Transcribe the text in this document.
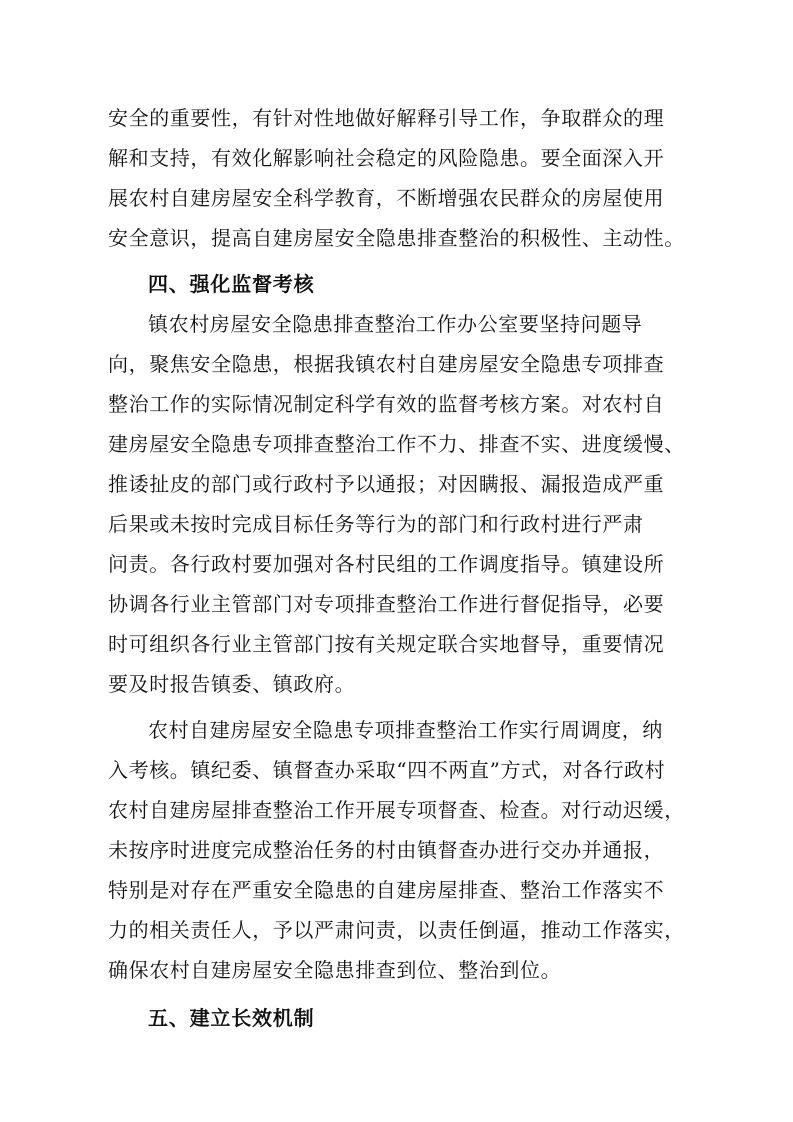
安全的重要性，有针对性地做好解释引导工作，争取群众的理
解和支持，有效化解影响社会稳定的风险隐患。要全面深入开
展农村自建房屋安全科学教育，不断增强农民群众的房屋使用
安全意识，提高自建房屋安全隐患排查整治的积极性、主动性。
四、强化监督考核
镇农村房屋安全隐患排查整治工作办公室要坚持问题导
向，聚焦安全隐患，根据我镇农村自建房屋安全隐患专项排查
整治工作的实际情况制定科学有效的监督考核方案。对农村自
建房屋安全隐患专项排查整治工作不力、排查不实、进度缓慢、
推诿扯皮的部门或行政村予以通报；对因瞒报、漏报造成严重
后果或未按时完成目标任务等行为的部门和行政村进行严肃
问责。各行政村要加强对各村民组的工作调度指导。镇建设所
协调各行业主管部门对专项排查整治工作进行督促指导，必要
时可组织各行业主管部门按有关规定联合实地督导，重要情况
要及时报告镇委、镇政府。
农村自建房屋安全隐患专项排查整治工作实行周调度，纳
入考核。镇纪委、镇督查办采取“四不两直”方式，对各行政村
农村自建房屋排查整治工作开展专项督查、检查。对行动迟缓，
未按序时进度完成整治任务的村由镇督查办进行交办并通报，
特别是对存在严重安全隐患的自建房屋排查、整治工作落实不
力的相关责任人，予以严肃问责，以责任倒逼，推动工作落实，
确保农村自建房屋安全隐患排查到位、整治到位。
五、建立长效机制
